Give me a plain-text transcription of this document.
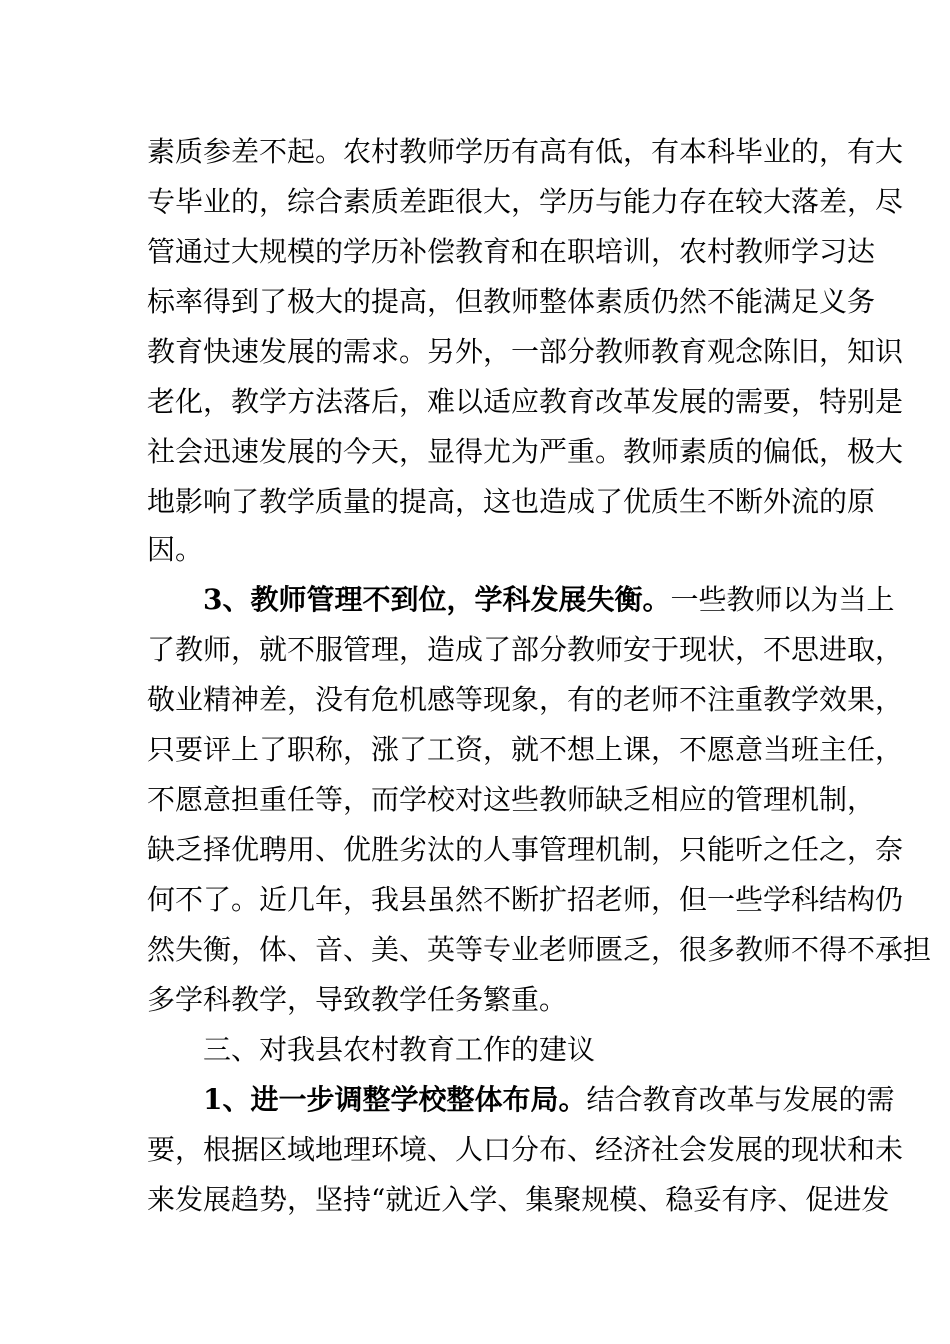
素质参差不起。农村教师学历有高有低，有本科毕业的，有大
专毕业的，综合素质差距很大，学历与能力存在较大落差，尽
管通过大规模的学历补偿教育和在职培训，农村教师学习达
标率得到了极大的提高，但教师整体素质仍然不能满足义务
教育快速发展的需求。另外，一部分教师教育观念陈旧，知识
老化，教学方法落后，难以适应教育改革发展的需要，特别是
社会迅速发展的今天，显得尤为严重。教师素质的偏低，极大
地影响了教学质量的提高，这也造成了优质生不断外流的原
因。
3、教师管理不到位，学科发展失衡。一些教师以为当上
了教师，就不服管理，造成了部分教师安于现状，不思进取，
敬业精神差，没有危机感等现象，有的老师不注重教学效果，
只要评上了职称，涨了工资，就不想上课，不愿意当班主任，
不愿意担重任等，而学校对这些教师缺乏相应的管理机制，
缺乏择优聘用、优胜劣汰的人事管理机制，只能听之任之，奈
何不了。近几年，我县虽然不断扩招老师，但一些学科结构仍
然失衡，体、音、美、英等专业老师匮乏，很多教师不得不承担
多学科教学，导致教学任务繁重。
三、对我县农村教育工作的建议
1、进一步调整学校整体布局。结合教育改革与发展的需
要，根据区域地理环境、人口分布、经济社会发展的现状和未
来发展趋势，坚持“就近入学、集聚规模、稳妥有序、促进发
